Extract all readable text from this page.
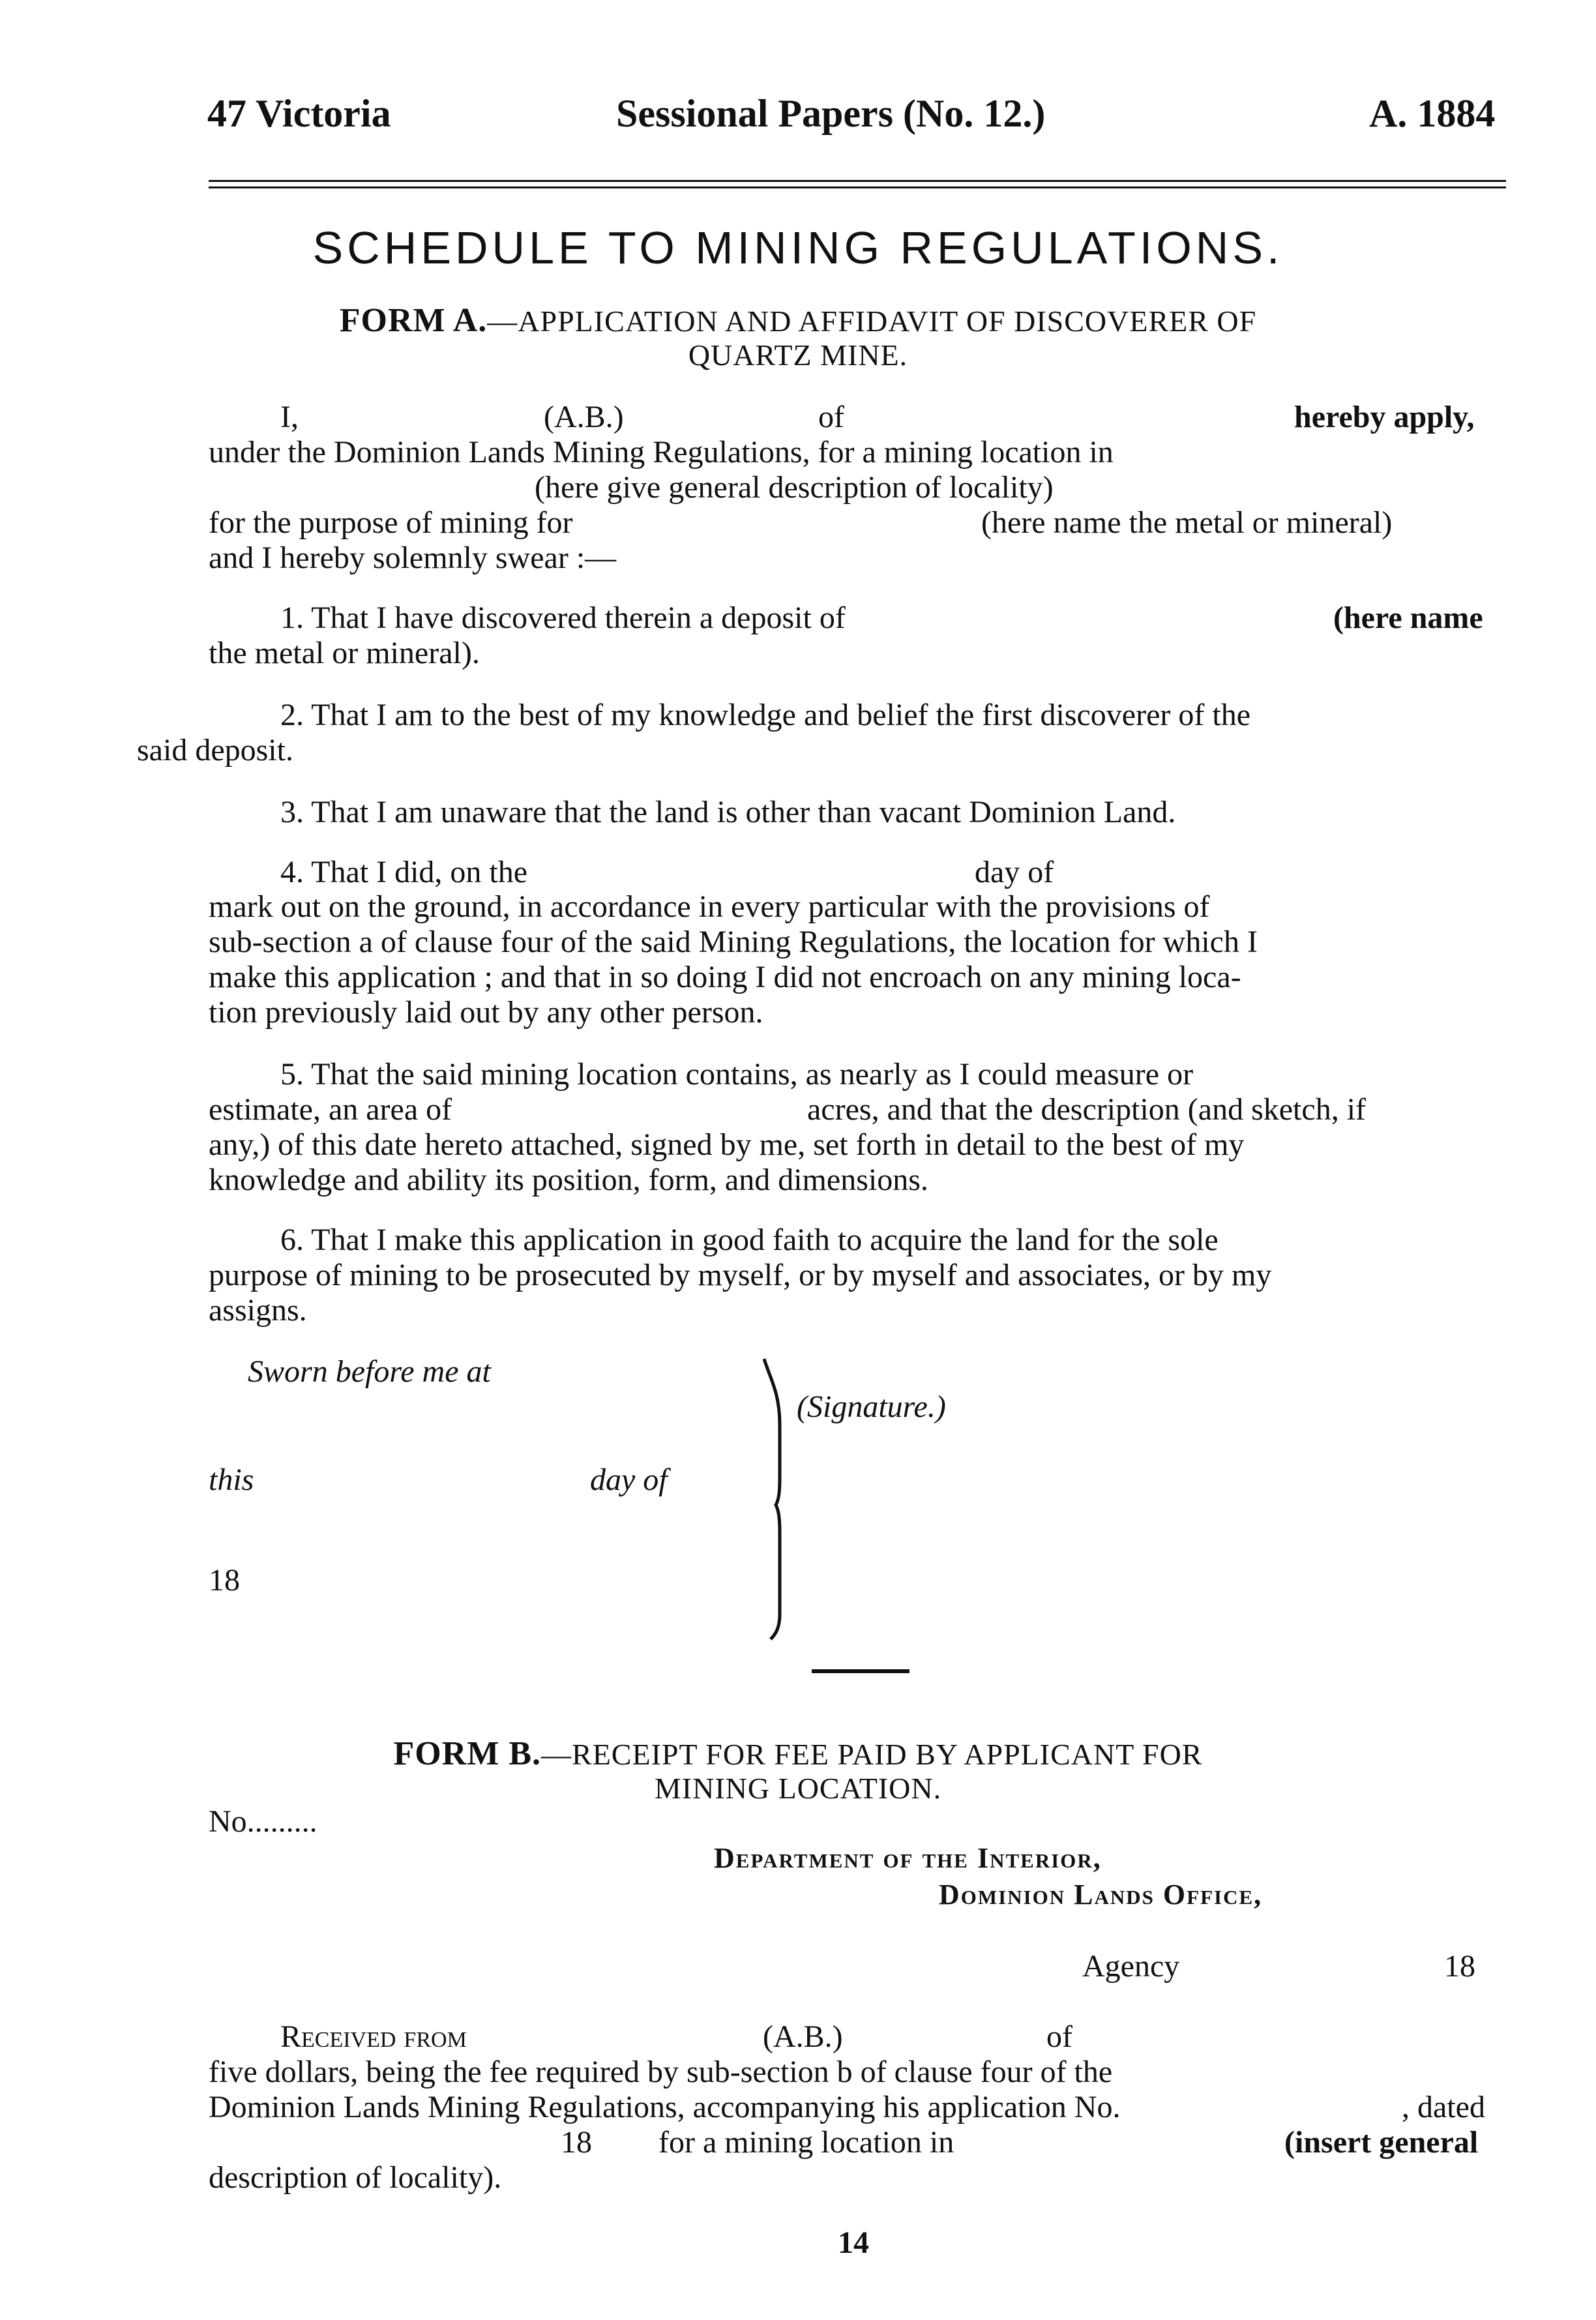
47 Victoria	Sessional Papers (No. 12.)	A. 1884
SCHEDULE TO MINING REGULATIONS.
FORM A.—APPLICATION AND AFFIDAVIT OF DISCOVERER OF
QUARTZ MINE.
I,	(A.B.)	of	hereby apply,
under the Dominion Lands Mining Regulations, for a mining location in
(here give general description of locality)
for the purpose of mining for	(here name the metal or mineral)
and I hereby solemnly swear :—
1. That I have discovered therein a deposit of	(here name
the metal or mineral).
2. That I am to the best of my knowledge and belief the first discoverer of the
said deposit.
3. That I am unaware that the land is other than vacant Dominion Land.
4. That I did, on the	day of
mark out on the ground, in accordance in every particular with the provisions of
sub-section a of clause four of the said Mining Regulations, the location for which I
make this application ; and that in so doing I did not encroach on any mining loca-
tion previously laid out by any other person.
5. That the said mining location contains, as nearly as I could measure or
estimate, an area of	acres, and that the description (and sketch, if
any,) of this date hereto attached, signed by me, set forth in detail to the best of my
knowledge and ability its position, form, and dimensions.
6. That I make this application in good faith to acquire the land for the sole
purpose of mining to be prosecuted by myself, or by myself and associates, or by my
assigns.
Sworn before me at
(Signature.)
this	day of
18
FORM B.—RECEIPT FOR FEE PAID BY APPLICANT FOR
MINING LOCATION.
No.........
Department of the Interior,
Dominion Lands Office,
Agency	18
Received from	(A.B.)	of
five dollars, being the fee required by sub-section b of clause four of the
Dominion Lands Mining Regulations, accompanying his application No.	, dated
18 for a mining location in	(insert general
description of locality).
14
